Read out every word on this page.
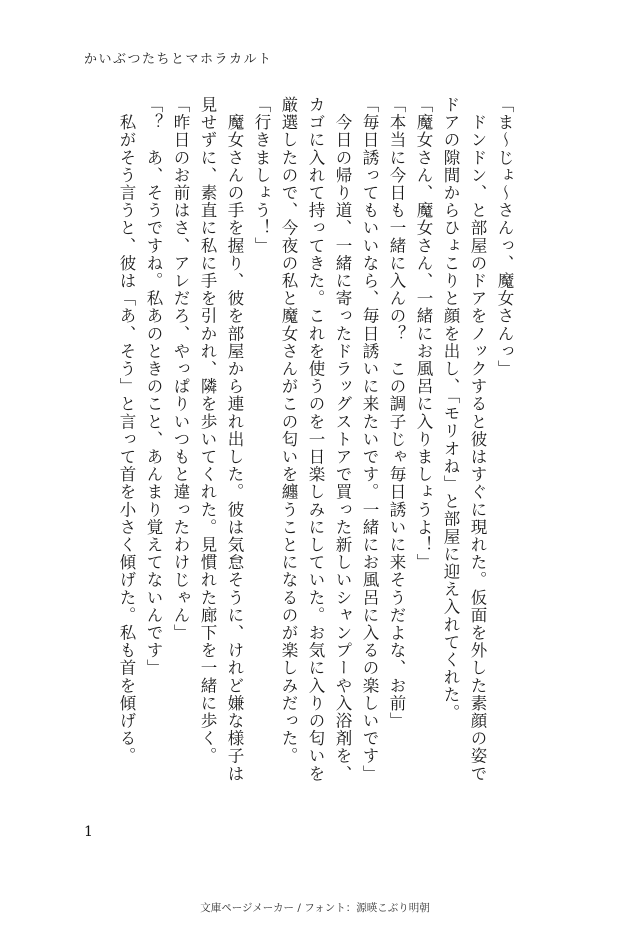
かいぶつたちとマホラカルト

「ま〜じょ〜さんっ、魔女さんっ」

　ドンドン、と部屋のドアをノックすると彼はすぐに現れた。仮面を外した素顔の姿でドアの隙間からひょこりと顔を出し、「モリオね」と部屋に迎え入れてくれた。

「魔女さん、魔女さん、一緒にお風呂に入りましょうよ！」

「本当に今日も一緒に入んの？　この調子じゃ毎日誘いに来そうだよな、お前」

「毎日誘ってもいいなら、毎日誘いに来たいです。一緒にお風呂に入るの楽しいです」

　今日の帰り道、一緒に寄ったドラッグストアで買った新しいシャンプーや入浴剤を、カゴに入れて持ってきた。これを使うのを一日楽しみにしていた。お気に入りの匂いを厳選したので、今夜の私と魔女さんがこの匂いを纏うことになるのが楽しみだった。

「行きましょう！」

　魔女さんの手を握り、彼を部屋から連れ出した。彼は気怠そうに、けれど嫌な様子は見せずに、素直に私に手を引かれ、隣を歩いてくれた。見慣れた廊下を一緒に歩く。

「昨日のお前はさ、アレだろ、やっぱりいつもと違ったわけじゃん」

「？　あ、そうですね。私あのときのこと、あんまり覚えてないんです」

　私がそう言うと、彼は「あ、そう」と言って首を小さく傾げた。私も首を傾げる。

1
文庫ページメーカー / フォント：源暎こぶり明朝
